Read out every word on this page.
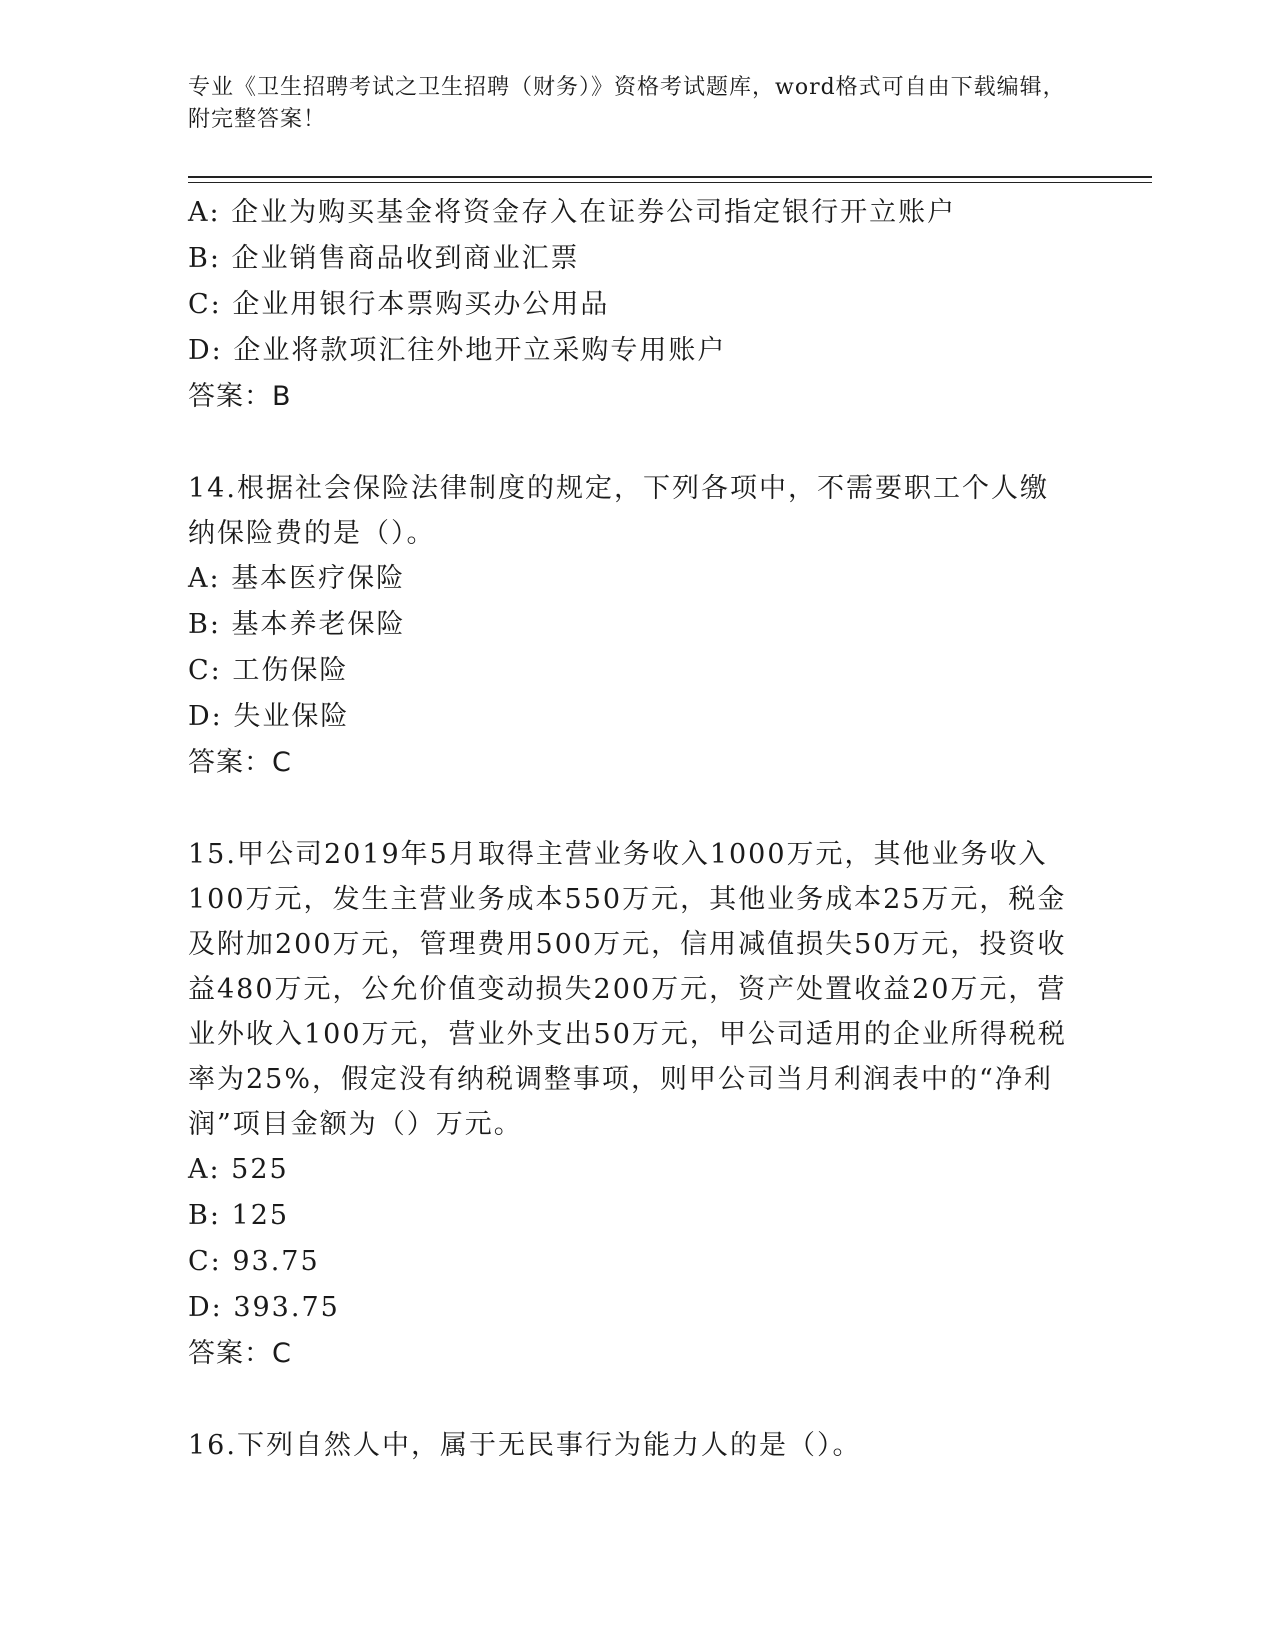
专业《卫生招聘考试之卫生招聘（财务）》资格考试题库，word格式可自由下载编辑，附完整答案！
A: 企业为购买基金将资金存入在证券公司指定银行开立账户
B: 企业销售商品收到商业汇票
C: 企业用银行本票购买办公用品
D: 企业将款项汇往外地开立采购专用账户
答案：B
14.根据社会保险法律制度的规定，下列各项中，不需要职工个人缴纳保险费的是（）。
A: 基本医疗保险
B: 基本养老保险
C: 工伤保险
D: 失业保险
答案：C
15.甲公司2019年5月取得主营业务收入1000万元，其他业务收入100万元，发生主营业务成本550万元，其他业务成本25万元，税金及附加200万元，管理费用500万元，信用减值损失50万元，投资收益480万元，公允价值变动损失200万元，资产处置收益20万元，营业外收入100万元，营业外支出50万元，甲公司适用的企业所得税税率为25%，假定没有纳税调整事项，则甲公司当月利润表中的“净利润”项目金额为（）万元。
A: 525
B: 125
C: 93.75
D: 393.75
答案：C
16.下列自然人中，属于无民事行为能力人的是（）。
